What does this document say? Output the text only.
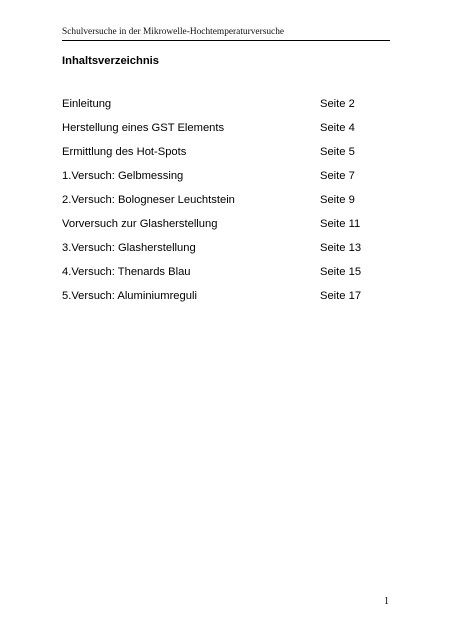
Schulversuche in der Mikrowelle-Hochtemperaturversuche
Inhaltsverzeichnis
Einleitung	Seite 2
Herstellung eines GST Elements	Seite 4
Ermittlung des Hot-Spots	Seite 5
1.Versuch: Gelbmessing	Seite 7
2.Versuch: Bologneser Leuchtstein	Seite 9
Vorversuch zur Glasherstellung	Seite 11
3.Versuch: Glasherstellung	Seite 13
4.Versuch: Thenards Blau	Seite 15
5.Versuch: Aluminiumreguli	Seite 17
1
